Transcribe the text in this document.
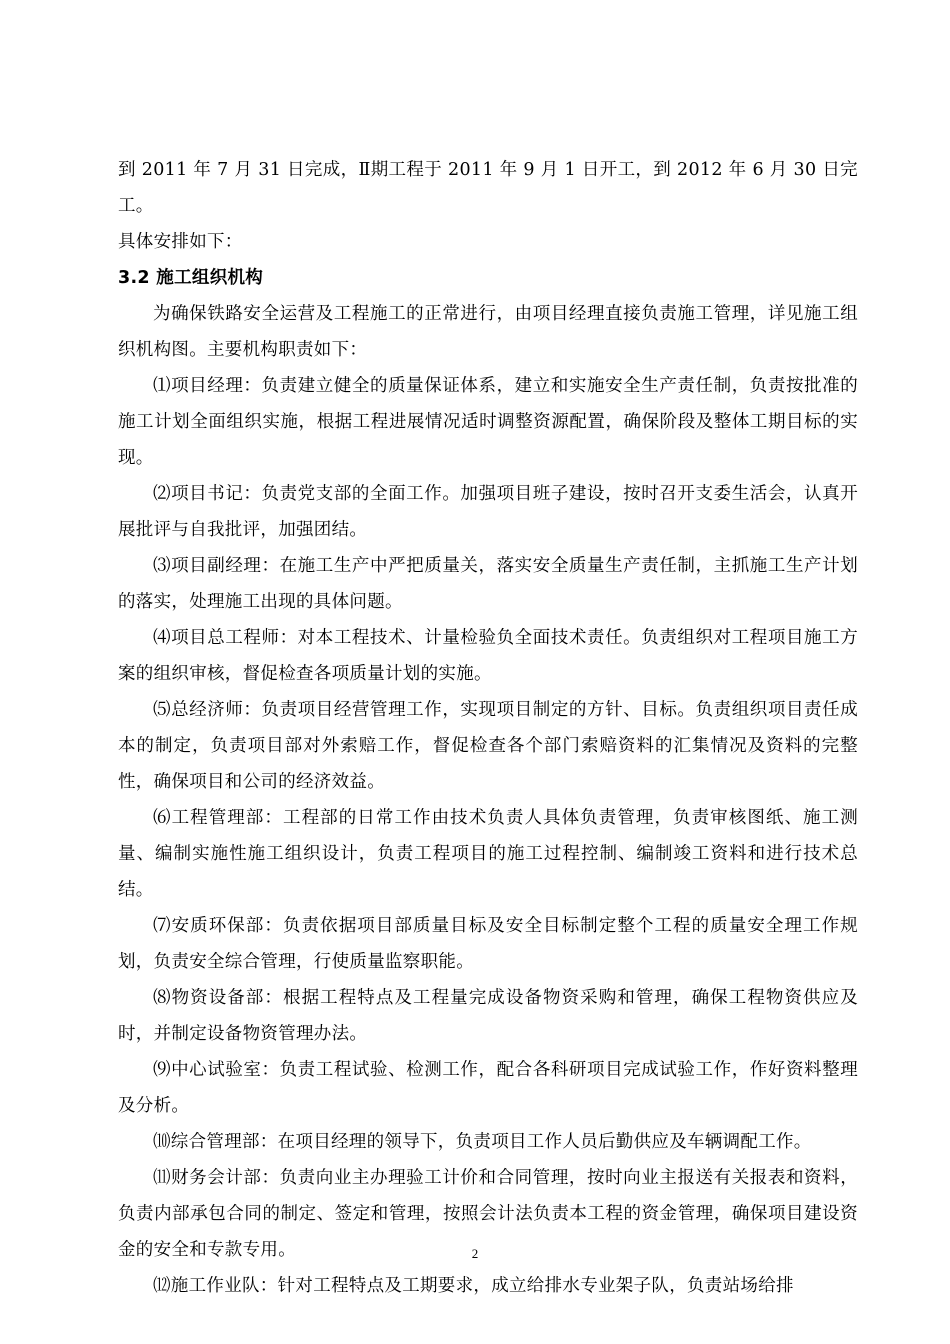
到 2011 年 7 月 31 日完成，Ⅱ期工程于 2011 年 9 月 1 日开工，到 2012 年 6 月 30 日完工。

具体安排如下：

3.2 施工组织机构

为确保铁路安全运营及工程施工的正常进行，由项目经理直接负责施工管理，详见施工组织机构图。主要机构职责如下：

⑴项目经理：负责建立健全的质量保证体系，建立和实施安全生产责任制，负责按批准的施工计划全面组织实施，根据工程进展情况适时调整资源配置，确保阶段及整体工期目标的实现。

⑵项目书记：负责党支部的全面工作。加强项目班子建设，按时召开支委生活会，认真开展批评与自我批评，加强团结。

⑶项目副经理：在施工生产中严把质量关，落实安全质量生产责任制，主抓施工生产计划的落实，处理施工出现的具体问题。

⑷项目总工程师：对本工程技术、计量检验负全面技术责任。负责组织对工程项目施工方案的组织审核，督促检查各项质量计划的实施。

⑸总经济师：负责项目经营管理工作，实现项目制定的方针、目标。负责组织项目责任成本的制定，负责项目部对外索赔工作，督促检查各个部门索赔资料的汇集情况及资料的完整性，确保项目和公司的经济效益。

⑹工程管理部：工程部的日常工作由技术负责人具体负责管理，负责审核图纸、施工测量、编制实施性施工组织设计，负责工程项目的施工过程控制、编制竣工资料和进行技术总结。

⑺安质环保部：负责依据项目部质量目标及安全目标制定整个工程的质量安全理工作规划，负责安全综合管理，行使质量监察职能。

⑻物资设备部：根据工程特点及工程量完成设备物资采购和管理，确保工程物资供应及时，并制定设备物资管理办法。

⑼中心试验室：负责工程试验、检测工作，配合各科研项目完成试验工作，作好资料整理及分析。

⑽综合管理部：在项目经理的领导下，负责项目工作人员后勤供应及车辆调配工作。

⑾财务会计部：负责向业主办理验工计价和合同管理，按时向业主报送有关报表和资料，负责内部承包合同的制定、签定和管理，按照会计法负责本工程的资金管理，确保项目建设资金的安全和专款专用。

⑿施工作业队：针对工程特点及工期要求，成立给排水专业架子队，负责站场给排

2
